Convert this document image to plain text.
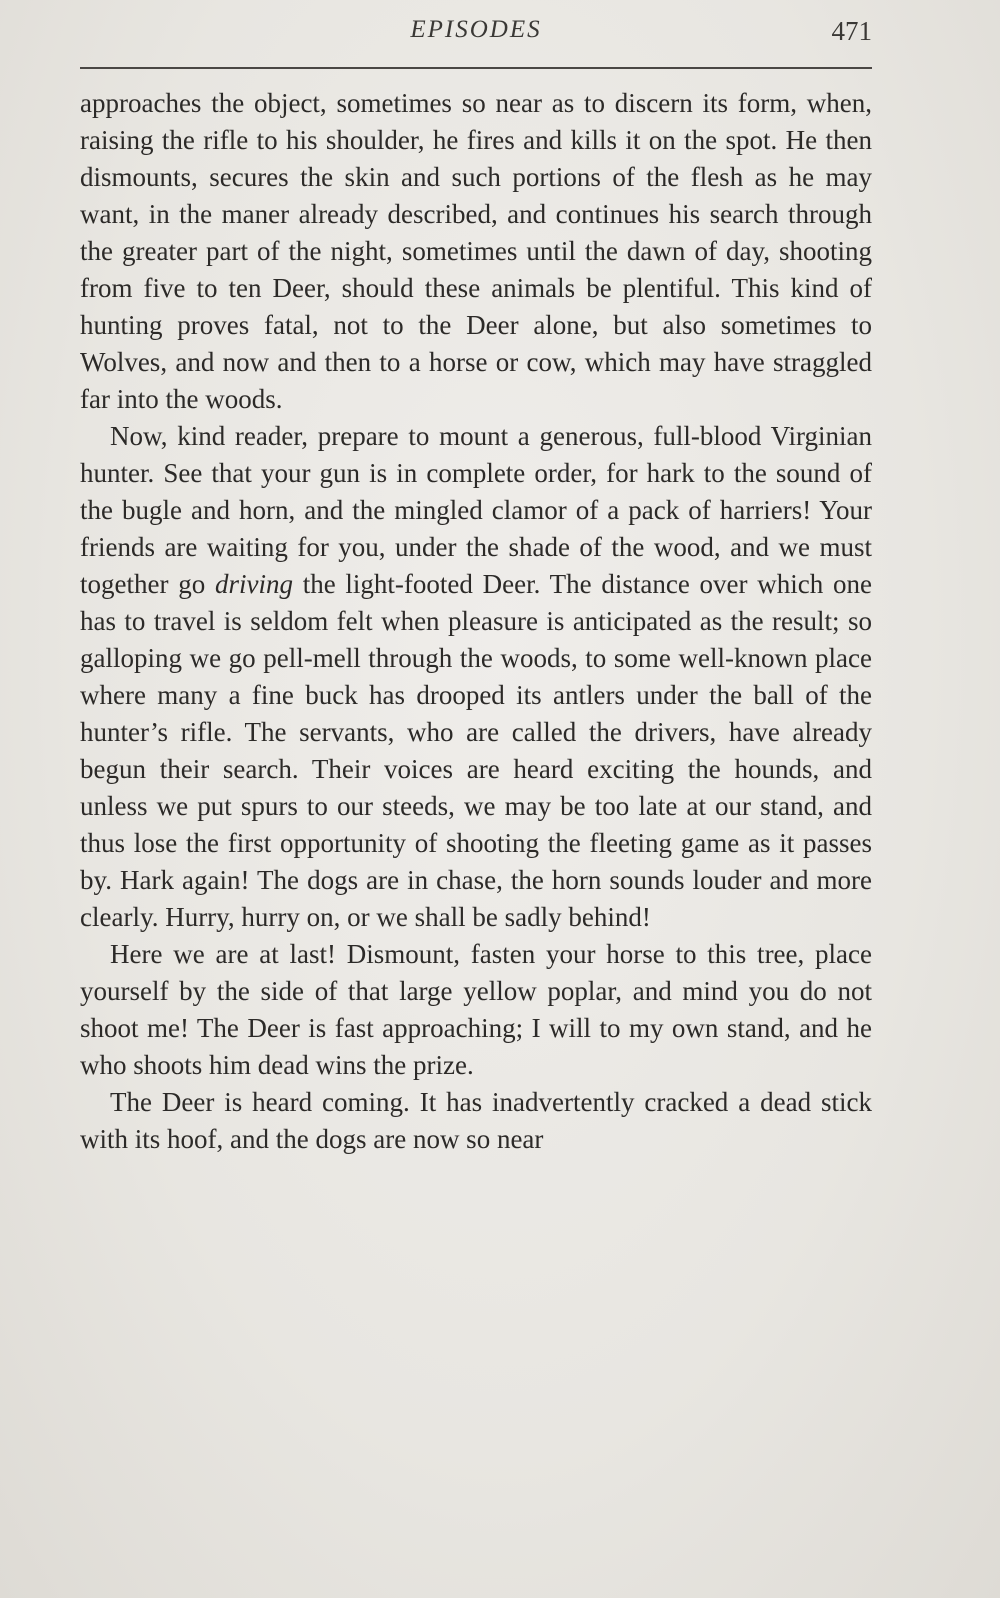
EPISODES	471

approaches the object, sometimes so near as to discern its form, when, raising the rifle to his shoulder, he fires and kills it on the spot. He then dismounts, secures the skin and such portions of the flesh as he may want, in the maner already described, and continues his search through the greater part of the night, sometimes until the dawn of day, shooting from five to ten Deer, should these animals be plentiful. This kind of hunting proves fatal, not to the Deer alone, but also sometimes to Wolves, and now and then to a horse or cow, which may have straggled far into the woods.

Now, kind reader, prepare to mount a generous, full-blood Virginian hunter. See that your gun is in complete order, for hark to the sound of the bugle and horn, and the mingled clamor of a pack of harriers! Your friends are waiting for you, under the shade of the wood, and we must together go driving the light-footed Deer. The distance over which one has to travel is seldom felt when pleasure is anticipated as the result; so galloping we go pell-mell through the woods, to some well-known place where many a fine buck has drooped its antlers under the ball of the hunter’s rifle. The servants, who are called the drivers, have already begun their search. Their voices are heard exciting the hounds, and unless we put spurs to our steeds, we may be too late at our stand, and thus lose the first opportunity of shooting the fleeting game as it passes by. Hark again! The dogs are in chase, the horn sounds louder and more clearly. Hurry, hurry on, or we shall be sadly behind!

Here we are at last! Dismount, fasten your horse to this tree, place yourself by the side of that large yellow poplar, and mind you do not shoot me! The Deer is fast approaching; I will to my own stand, and he who shoots him dead wins the prize.

The Deer is heard coming. It has inadvertently cracked a dead stick with its hoof, and the dogs are now so near
